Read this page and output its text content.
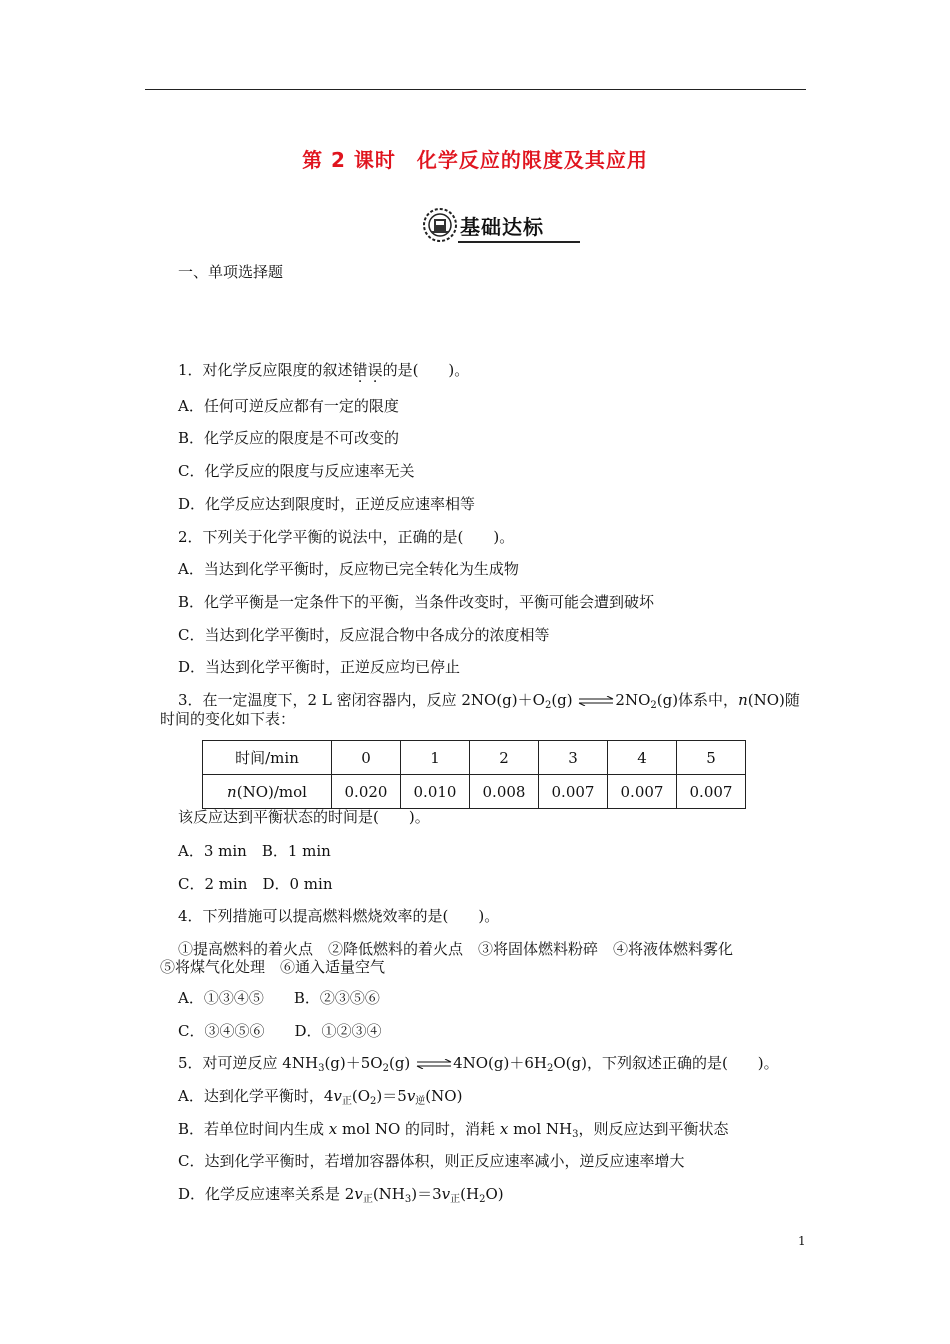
第 2 课时　化学反应的限度及其应用
基础达标
一、单项选择题
1．对化学反应限度的叙述错误的是(　　)。
A．任何可逆反应都有一定的限度
B．化学反应的限度是不可改变的
C．化学反应的限度与反应速率无关
D．化学反应达到限度时，正逆反应速率相等
2．下列关于化学平衡的说法中，正确的是(　　)。
A．当达到化学平衡时，反应物已完全转化为生成物
B．化学平衡是一定条件下的平衡，当条件改变时，平衡可能会遭到破坏
C．当达到化学平衡时，反应混合物中各成分的浓度相等
D．当达到化学平衡时，正逆反应均已停止
3．在一定温度下，2 L 密闭容器内，反应 $2NO(g)+O_2(g)$ $\rightleftharpoons 2NO_2(g)$体系中，n(NO)随
时间的变化如下表：
时间/min	0	1	2	3	4	5
n(NO)/mol	0.020	0.010	0.008	0.007	0.007	0.007
该反应达到平衡状态的时间是(　　)。
A．3 min　B．1 min
C．2 min　D．0 min
4．下列措施可以提高燃料燃烧效率的是(　　)。
①提高燃料的着火点　②降低燃料的着火点　③将固体燃料粉碎　④将液体燃料雾化
⑤将煤气化处理　⑥通入适量空气
A．①③④⑤　　B．②③⑤⑥
C．③④⑤⑥　　D．①②③④
5．对可逆反应 $4NH_3(g)+5O_2(g)$ $\rightleftharpoons 4NO(g)+6H_2O(g)$，下列叙述正确的是(　　)。
A．达到化学平衡时，$4v_正(O_2)=5v_逆(NO)$
B．若单位时间内生成 x mol NO 的同时，消耗 x mol $NH_3$，则反应达到平衡状态
C．达到化学平衡时，若增加容器体积，则正反应速率减小，逆反应速率增大
D．化学反应速率关系是 $2v_正(NH_3)=3v_正(H_2O)$
1
